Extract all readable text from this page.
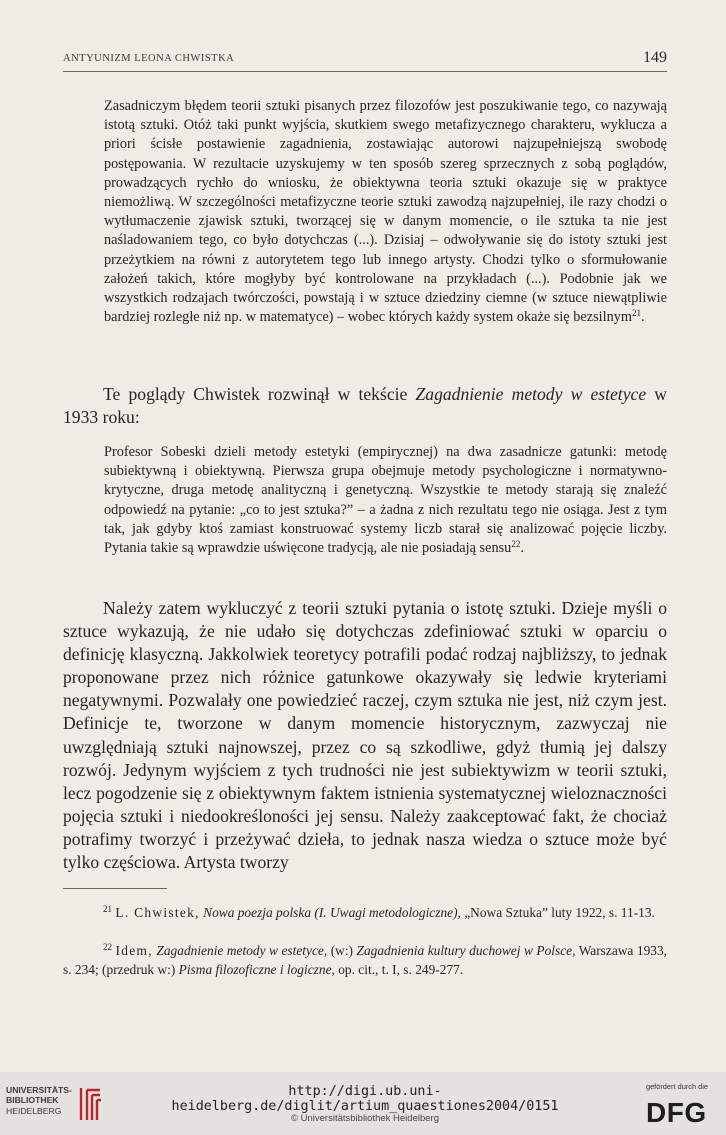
ANTYUNIZM LEONA CHWISTKA	149

Zasadniczym błędem teorii sztuki pisanych przez filozofów jest poszukiwanie tego, co nazywają istotą sztuki. Otóż taki punkt wyjścia, skutkiem swego metafizycznego charakteru, wyklucza a priori ścisłe postawienie zagadnienia, zostawiając autorowi najzupełniejszą swobodę postępowania. W rezultacie uzyskujemy w ten sposób szereg sprzecznych z sobą poglądów, prowadzących rychło do wniosku, że obiektywna teoria sztuki okazuje się w praktyce niemożliwą. W szczególności metafizyczne teorie sztuki zawodzą najzupełniej, ile razy chodzi o wytłumaczenie zjawisk sztuki, tworzącej się w danym momencie, o ile sztuka ta nie jest naśladowaniem tego, co było dotychczas (...). Dzisiaj – odwoływanie się do istoty sztuki jest przeżytkiem na równi z autorytetem tego lub innego artysty. Chodzi tylko o sformułowanie założeń takich, które mogłyby być kontrolowane na przykładach (...). Podobnie jak we wszystkich rodzajach twórczości, powstają i w sztuce dziedziny ciemne (w sztuce niewątpliwie bardziej rozległe niż np. w matematyce) – wobec których każdy system okaże się bezsilnym$^{21}$.

Te poglądy Chwistek rozwinął w tekście Zagadnienie metody w estetyce w 1933 roku:

Profesor Sobeski dzieli metody estetyki (empirycznej) na dwa zasadnicze gatunki: metodę subiektywną i obiektywną. Pierwsza grupa obejmuje metody psychologiczne i normatywno-krytyczne, druga metodę analityczną i genetyczną. Wszystkie te metody starają się znaleźć odpowiedź na pytanie: „co to jest sztuka?” – a żadna z nich rezultatu tego nie osiąga. Jest z tym tak, jak gdyby ktoś zamiast konstruować systemy liczb starał się analizować pojęcie liczby. Pytania takie są wprawdzie uświęcone tradycją, ale nie posiadają sensu$^{22}$.

Należy zatem wykluczyć z teorii sztuki pytania o istotę sztuki. Dzieje myśli o sztuce wykazują, że nie udało się dotychczas zdefiniować sztuki w oparciu o definicję klasyczną. Jakkolwiek teoretycy potrafili podać rodzaj najbliższy, to jednak proponowane przez nich różnice gatunkowe okazywały się ledwie kryteriami negatywnymi. Pozwalały one powiedzieć raczej, czym sztuka nie jest, niż czym jest. Definicje te, tworzone w danym momencie historycznym, zazwyczaj nie uwzględniają sztuki najnowszej, przez co są szkodliwe, gdyż tłumią jej dalszy rozwój. Jedynym wyjściem z tych trudności nie jest subiektywizm w teorii sztuki, lecz pogodzenie się z obiektywnym faktem istnienia systematycznej wieloznaczności pojęcia sztuki i niedookreśloności jej sensu. Należy zaakceptować fakt, że chociaż potrafimy tworzyć i przeżywać dzieła, to jednak nasza wiedza o sztuce może być tylko częściowa. Artysta tworzy

$^{21}$ L. Chwistek, Nowa poezja polska (I. Uwagi metodologiczne), „Nowa Sztuka” luty 1922, s. 11-13.

$^{22}$ Idem, Zagadnienie metody w estetyce, (w:) Zagadnienia kultury duchowej w Polsce, Warszawa 1933, s. 234; (przedruk w:) Pisma filozoficzne i logiczne, op. cit., t. I, s. 249-277.

UNIVERSITÄTS-
BIBLIOTHEK
HEIDELBERG
http://digi.ub.uni-heidelberg.de/diglit/artium_quaestiones2004/0151
© Universitätsbibliothek Heidelberg
gefördert durch die
DFG
